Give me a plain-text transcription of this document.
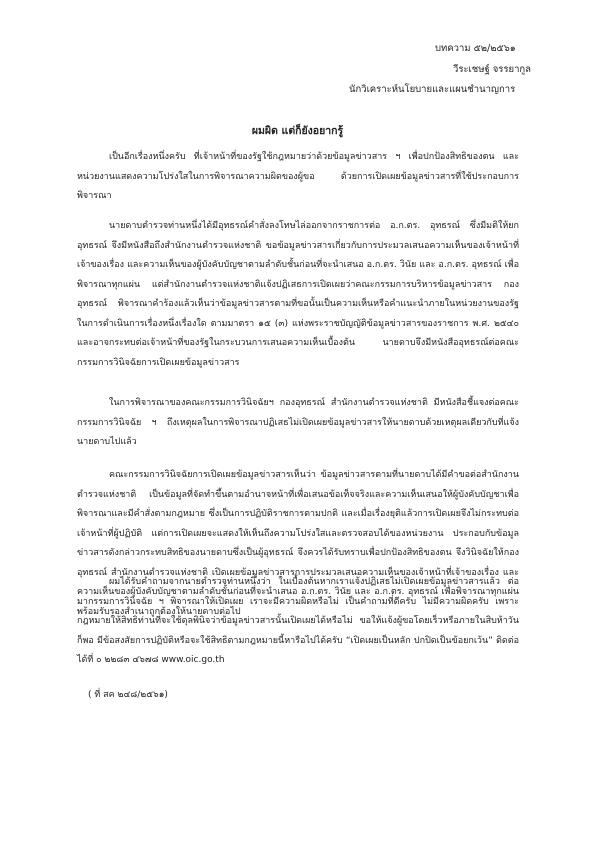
บทความ ๕๒/๒๕๖๑
วีระเชษฐ์ จรรยากูล
นักวิเคราะห์นโยบายและแผนชำนาญการ
ผมผิด แต่ก็ยังอยากรู้

เป็นอีกเรื่องหนึ่งครับ ที่เจ้าหน้าที่ของรัฐใช้กฎหมายว่าด้วยข้อมูลข่าวสาร ฯ เพื่อปกป้องสิทธิของตน และหน่วยงานแสดงความโปร่งใสในการพิจารณาความผิดของผู้ขอ ด้วยการเปิดเผยข้อมูลข่าวสารที่ใช้ประกอบการพิจารณา

นายดาบตำรวจท่านหนึ่งได้มีอุทธรณ์คำสั่งลงโทษไล่ออกจากราชการต่อ อ.ก.ตร. อุทธรณ์ ซึ่งมีมติให้ยกอุทธรณ์ จึงมีหนังสือถึงสำนักงานตำรวจแห่งชาติ ขอข้อมูลข่าวสารเกี่ยวกับการประมวลเสนอความเห็นของเจ้าหน้าที่เจ้าของเรื่อง และความเห็นของผู้บังคับบัญชาตามลำดับชั้นก่อนที่จะนำเสนอ อ.ก.ตร. วินัย และ อ.ก.ตร. อุทธรณ์ เพื่อพิจารณาทุกแผ่น แต่สำนักงานตำรวจแห่งชาติแจ้งปฏิเสธการเปิดเผยว่าคณะกรรมการบริหารข้อมูลข่าวสาร กองอุทธรณ์ พิจารณาคำร้องแล้วเห็นว่าข้อมูลข่าวสารตามที่ขอนั้นเป็นความเห็นหรือคำแนะนำภายในหน่วยงานของรัฐในการดำเนินการเรื่องหนึ่งเรื่องใด ตามมาตรา ๑๕ (๓) แห่งพระราชบัญญัติข้อมูลข่าวสารของราชการ พ.ศ. ๒๕๔๐ และอาจกระทบต่อเจ้าหน้าที่ของรัฐในกระบวนการเสนอความเห็นเบื้องต้น นายดาบจึงมีหนังสืออุทธรณ์ต่อคณะกรรมการวินิจฉัยการเปิดเผยข้อมูลข่าวสาร

ในการพิจารณาของคณะกรรมการวินิจฉัยฯ กองอุทธรณ์ สำนักงานตำรวจแห่งชาติ มีหนังสือชี้แจงต่อคณะกรรมการวินิจฉัย ฯ ถึงเหตุผลในการพิจารณาปฏิเสธไม่เปิดเผยข้อมูลข่าวสารให้นายดาบด้วยเหตุผลเดียวกับที่แจ้งนายดาบไปแล้ว

คณะกรรมการวินิจฉัยการเปิดเผยข้อมูลข่าวสารเห็นว่า ข้อมูลข่าวสารตามที่นายดาบได้มีคำขอต่อสำนักงานตำรวจแห่งชาติ เป็นข้อมูลที่จัดทำขึ้นตามอำนาจหน้าที่เพื่อเสนอข้อเท็จจริงและความเห็นเสนอให้ผู้บังคับบัญชาเพื่อพิจารณาและมีคำสั่งตามกฎหมาย ซึ่งเป็นการปฏิบัติราชการตามปกติ และเมื่อเรื่องยุติแล้วการเปิดเผยจึงไม่กระทบต่อเจ้าหน้าที่ผู้ปฏิบัติ แต่การเปิดเผยจะแสดงให้เห็นถึงความโปร่งใสและตรวจสอบได้ของหน่วยงาน ประกอบกับข้อมูลข่าวสารดังกล่าวกระทบสิทธิของนายดาบซึ่งเป็นผู้อุทธรณ์ จึงควรได้รับทราบเพื่อปกป้องสิทธิของตน จึงวินิจฉัยให้กองอุทธรณ์ สำนักงานตำรวจแห่งชาติ เปิดเผยข้อมูลข่าวสารการประมวลเสนอความเห็นของเจ้าหน้าที่เจ้าของเรื่อง และความเห็นของผู้บังคับบัญชาตามลำดับชั้นก่อนที่จะนำเสนอ อ.ก.ตร. วินัย และ อ.ก.ตร. อุทธรณ์ เพื่อพิจารณาทุกแผ่น พร้อมรับรองสำเนาถูกต้องให้นายดาบต่อไป

ผมได้รับคำถามจากนายตำรวจท่านหนึ่งว่า ในเบื้องต้นหากเราแจ้งปฏิเสธไม่เปิดเผยข้อมูลข่าวสารแล้ว ต่อมากรรมการวินิจฉัย ฯ พิจารณาให้เปิดเผย เราจะมีความผิดหรือไม่ เป็นคำถามที่ดีครับ ไม่มีความผิดครับ เพราะกฎหมายให้สิทธิท่านที่จะใช้ดุลพินิจว่าข้อมูลข่าวสารนั้นเปิดเผยได้หรือไม่ ขอให้แจ้งผู้ขอโดยเร็วหรือภายในสิบห้าวันก็พอ มีข้อสงสัยการปฏิบัติหรือจะใช้สิทธิตามกฎหมายนี้หารือไปได้ครับ “เปิดเผยเป็นหลัก ปกปิดเป็นข้อยกเว้น” ติดต่อได้ที่ ๐ ๒๒๘๓ ๔๖๗๘ www.oic.go.th

( ที่ สค ๒๔๘/๒๕๖๑)
